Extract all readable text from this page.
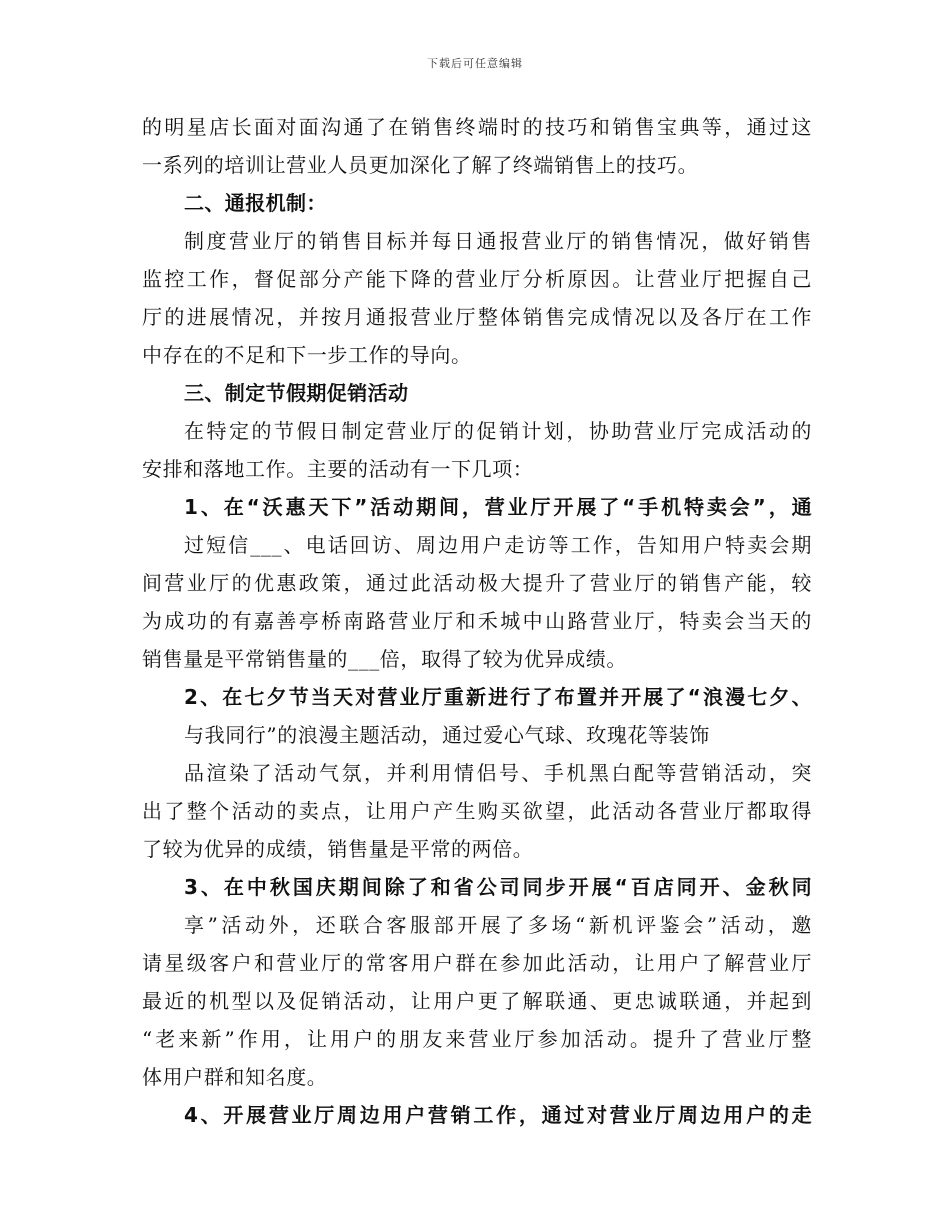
下载后可任意编辑
的明星店长面对面沟通了在销售终端时的技巧和销售宝典等，通过这
一系列的培训让营业人员更加深化了解了终端销售上的技巧。
二、通报机制：
制度营业厅的销售目标并每日通报营业厅的销售情况，做好销售
监控工作，督促部分产能下降的营业厅分析原因。让营业厅把握自己
厅的进展情况，并按月通报营业厅整体销售完成情况以及各厅在工作
中存在的不足和下一步工作的导向。
三、制定节假期促销活动
在特定的节假日制定营业厅的促销计划，协助营业厅完成活动的
安排和落地工作。主要的活动有一下几项：
1、在“沃惠天下”活动期间，营业厅开展了“手机特卖会”，通
过短信___、电话回访、周边用户走访等工作，告知用户特卖会期
间营业厅的优惠政策，通过此活动极大提升了营业厅的销售产能，较
为成功的有嘉善亭桥南路营业厅和禾城中山路营业厅，特卖会当天的
销售量是平常销售量的___倍，取得了较为优异成绩。
2、在七夕节当天对营业厅重新进行了布置并开展了“浪漫七夕、
与我同行”的浪漫主题活动，通过爱心气球、玫瑰花等装饰
品渲染了活动气氛，并利用情侣号、手机黑白配等营销活动，突
出了整个活动的卖点，让用户产生购买欲望，此活动各营业厅都取得
了较为优异的成绩，销售量是平常的两倍。
3、在中秋国庆期间除了和省公司同步开展“百店同开、金秋同
享”活动外，还联合客服部开展了多场“新机评鉴会”活动，邀
请星级客户和营业厅的常客用户群在参加此活动，让用户了解营业厅
最近的机型以及促销活动，让用户更了解联通、更忠诚联通，并起到
“老来新”作用，让用户的朋友来营业厅参加活动。提升了营业厅整
体用户群和知名度。
4、开展营业厅周边用户营销工作，通过对营业厅周边用户的走
